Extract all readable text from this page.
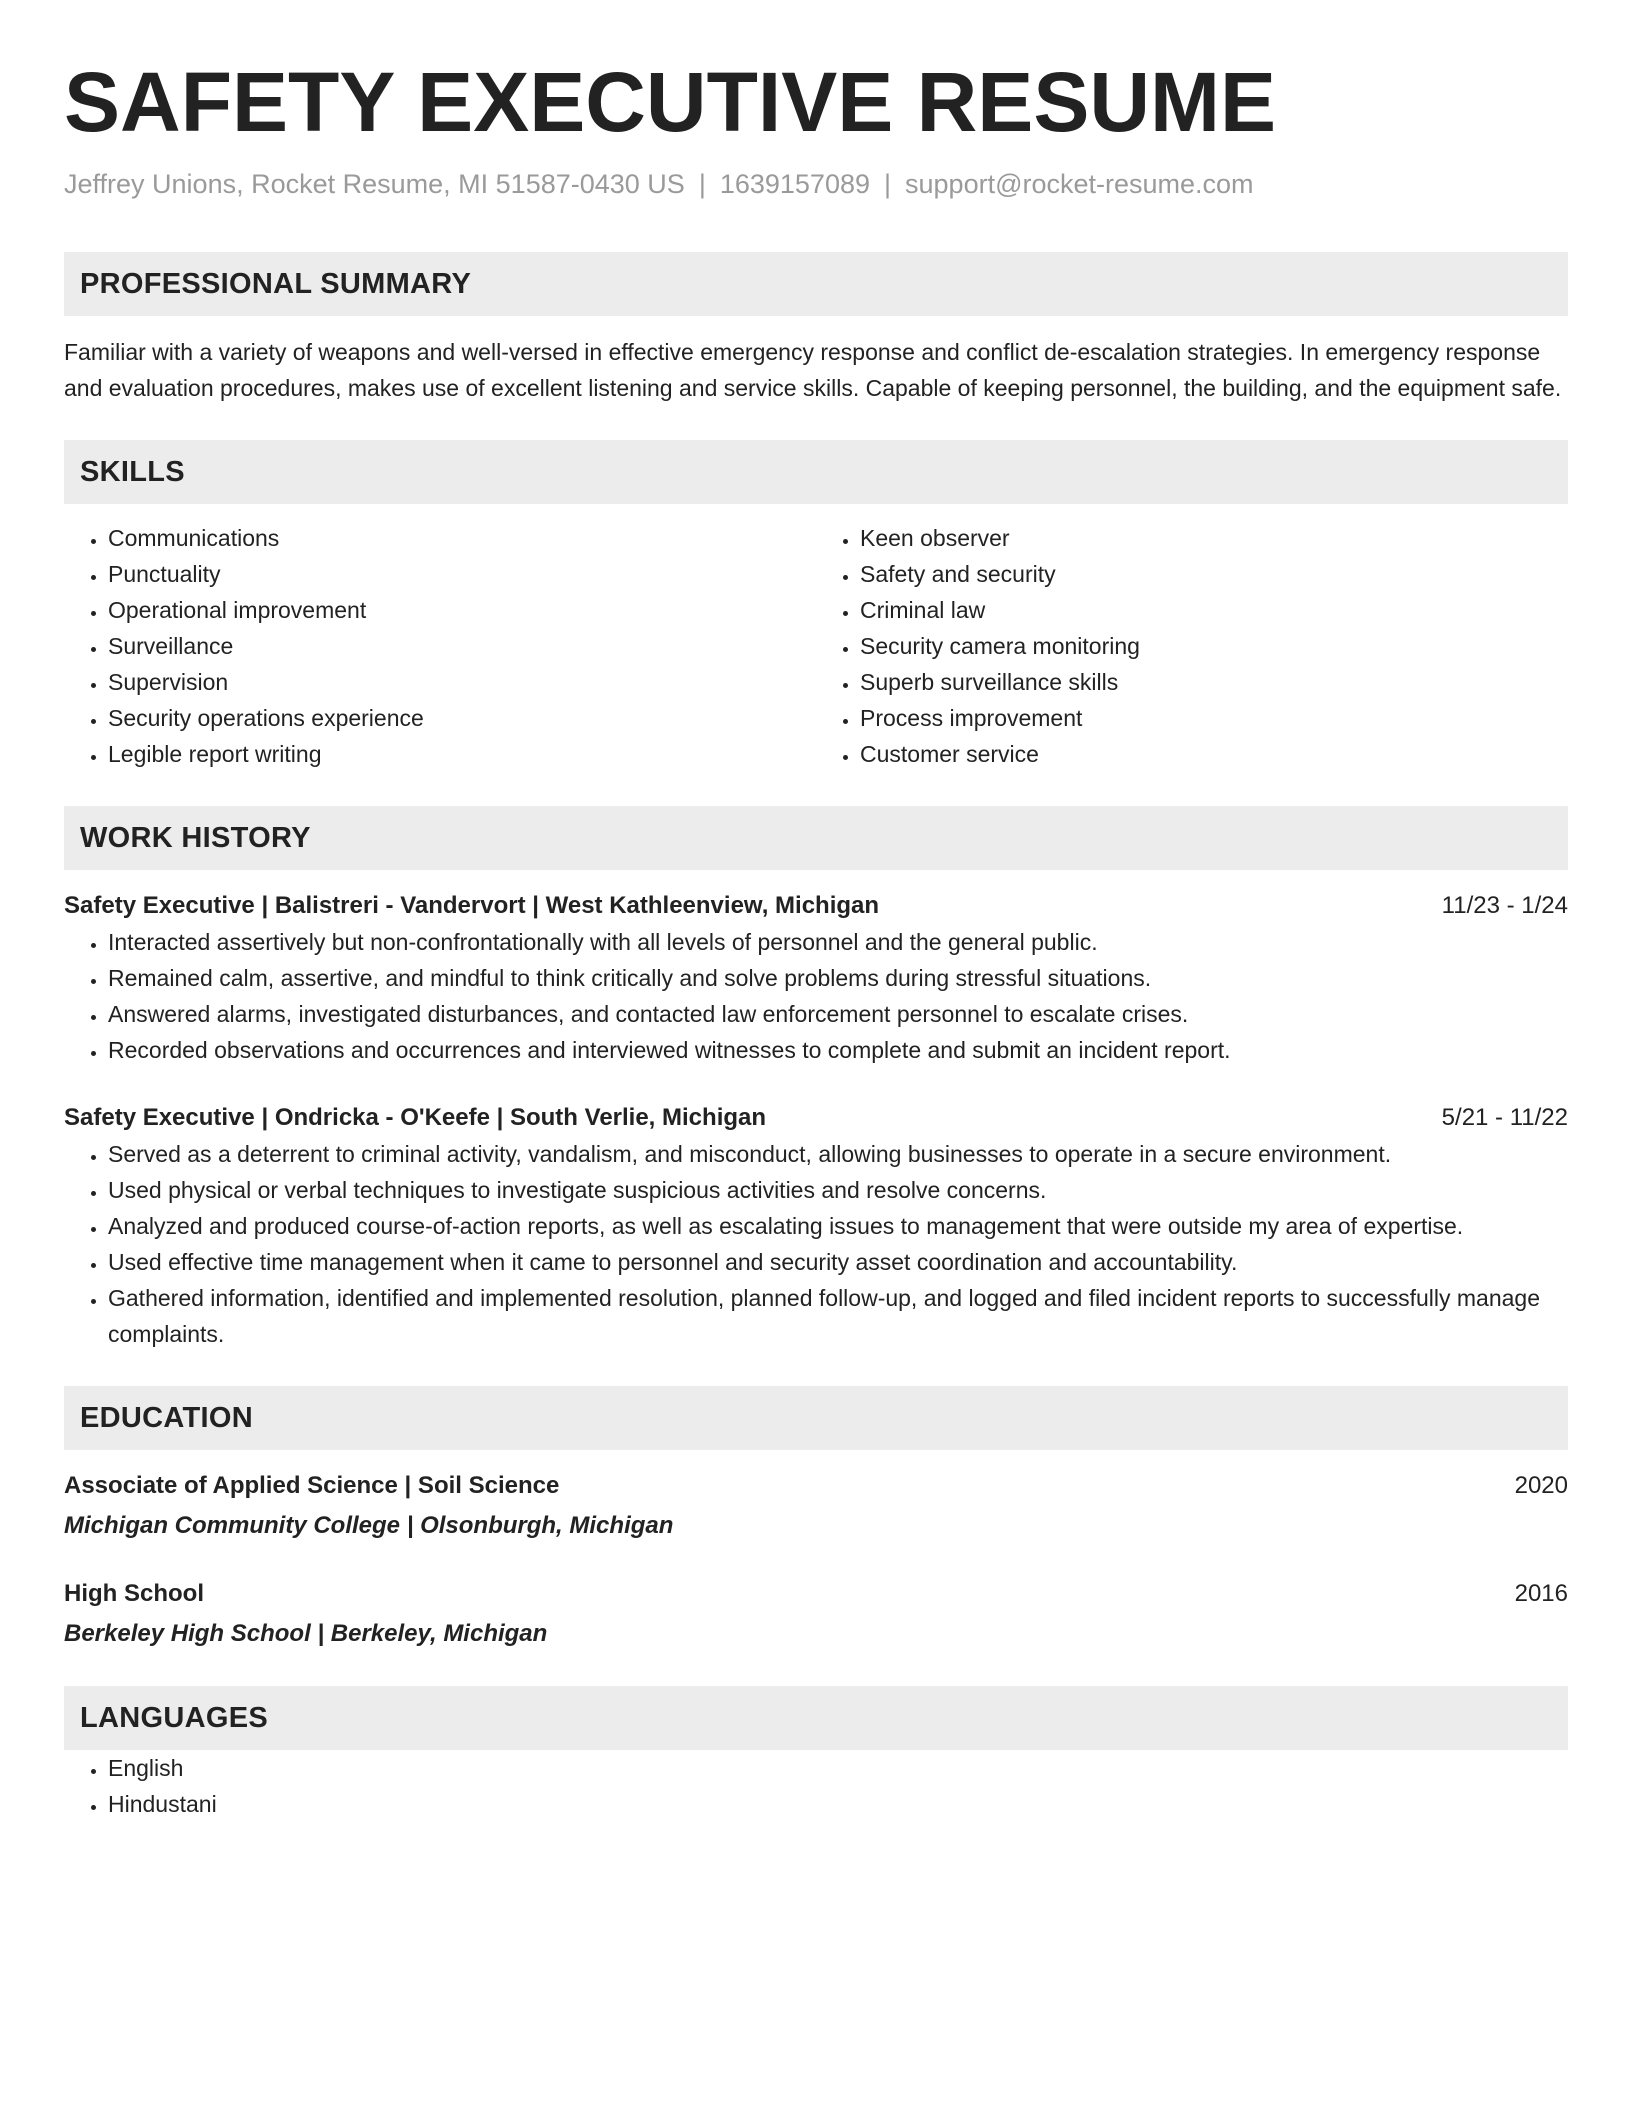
SAFETY EXECUTIVE RESUME
Jeffrey Unions, Rocket Resume, MI 51587-0430 US | 1639157089 | support@rocket-resume.com
PROFESSIONAL SUMMARY

Familiar with a variety of weapons and well-versed in effective emergency response and conflict de-escalation strategies. In emergency response and evaluation procedures, makes use of excellent listening and service skills. Capable of keeping personnel, the building, and the equipment safe.

SKILLS
• Communications
• Punctuality
• Operational improvement
• Surveillance
• Supervision
• Security operations experience
• Legible report writing
• Keen observer
• Safety and security
• Criminal law
• Security camera monitoring
• Superb surveillance skills
• Process improvement
• Customer service
WORK HISTORY
Safety Executive | Balistreri - Vandervort | West Kathleenview, Michigan	11/23 - 1/24
• Interacted assertively but non-confrontationally with all levels of personnel and the general public.
• Remained calm, assertive, and mindful to think critically and solve problems during stressful situations.
• Answered alarms, investigated disturbances, and contacted law enforcement personnel to escalate crises.
• Recorded observations and occurrences and interviewed witnesses to complete and submit an incident report.
Safety Executive | Ondricka - O'Keefe | South Verlie, Michigan	5/21 - 11/22
• Served as a deterrent to criminal activity, vandalism, and misconduct, allowing businesses to operate in a secure environment.
• Used physical or verbal techniques to investigate suspicious activities and resolve concerns.
• Analyzed and produced course-of-action reports, as well as escalating issues to management that were outside my area of expertise.
• Used effective time management when it came to personnel and security asset coordination and accountability.
• Gathered information, identified and implemented resolution, planned follow-up, and logged and filed incident reports to successfully manage complaints.
EDUCATION
Associate of Applied Science | Soil Science	2020
Michigan Community College | Olsonburgh, Michigan
High School	2016
Berkeley High School | Berkeley, Michigan
LANGUAGES
• English
• Hindustani
